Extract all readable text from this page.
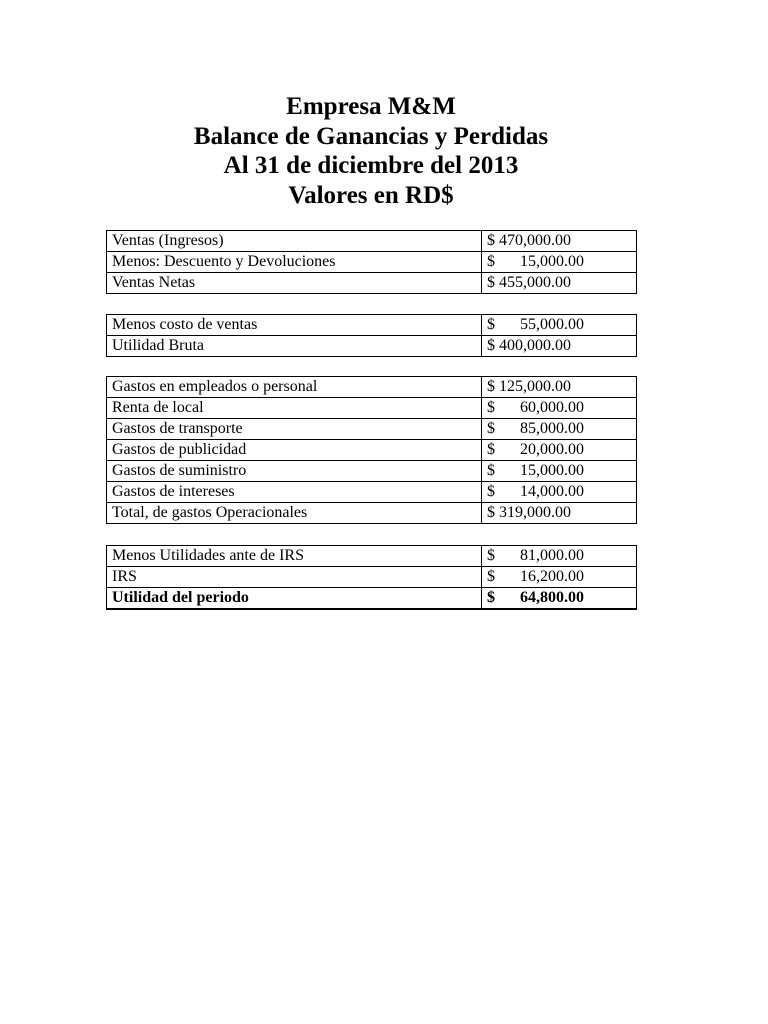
Empresa M&M
Balance de Ganancias y Perdidas
Al 31 de diciembre del 2013
Valores en RD$
Ventas (Ingresos)	$ 470,000.00

Menos: Descuento y Devoluciones	$ 15,000.00

Ventas Netas	$ 455,000.00
Menos costo de ventas	$ 55,000.00

Utilidad Bruta	$ 400,000.00
Gastos en empleados o personal	$ 125,000.00

Renta de local	$ 60,000.00

Gastos de transporte	$ 85,000.00

Gastos de publicidad	$ 20,000.00

Gastos de suministro	$ 15,000.00

Gastos de intereses	$ 14,000.00

Total, de gastos Operacionales	$ 319,000.00
Menos Utilidades ante de IRS	$ 81,000.00

IRS	$ 16,200.00

Utilidad del periodo	$ 64,800.00
